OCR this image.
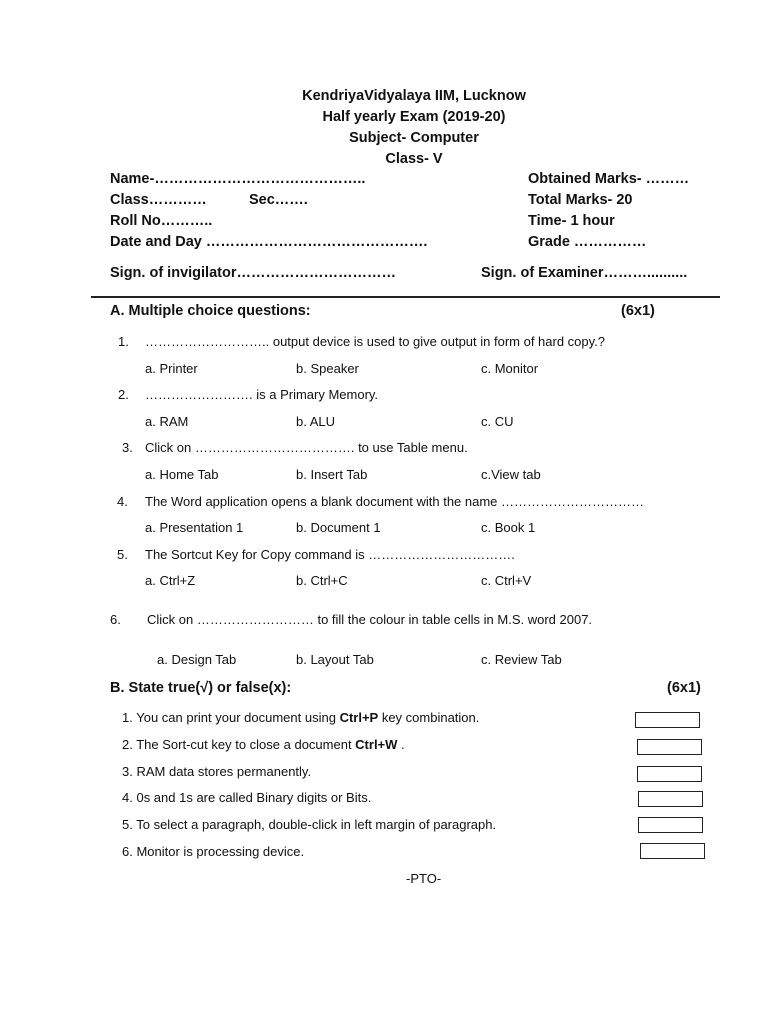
KendriyaVidyalaya IIM, Lucknow
Half yearly Exam (2019-20)
Subject- Computer
Class- V
Name-……………………………………..
Class…………	Sec…….
Roll No………..
Date and Day ……………………………………….
Obtained Marks- ………
Total Marks- 20
Time- 1 hour
Grade ……………
Sign. of invigilator……………………………	Sign. of Examiner………..........
A. Multiple choice questions:	(6x1)
1. ……………………….. output device is used to give output in form of hard copy.?
a. Printer	b. Speaker	c. Monitor
2. ……………………. is a Primary Memory.
a. RAM	b. ALU	c. CU
3. Click on ………………………………. to use Table menu.
a. Home Tab	b. Insert Tab	c.View tab
4. The Word application opens a blank document with the name ……………………………
a. Presentation 1	b. Document 1	c. Book 1
5. The Sortcut Key for Copy command is …………………………….
a. Ctrl+Z	b. Ctrl+C	c. Ctrl+V
6. Click on ……………………… to fill the colour in table cells in M.S. word 2007.
a. Design Tab	b. Layout Tab	c. Review Tab
B. State true(√) or false(x):	(6x1)
1. You can print your document using Ctrl+P key combination.
2. The Sort-cut key to close a document Ctrl+W .
3. RAM data stores permanently.
4. 0s and 1s are called Binary digits or Bits.
5. To select a paragraph, double-click in left margin of paragraph.
6. Monitor is processing device.
-PTO-
